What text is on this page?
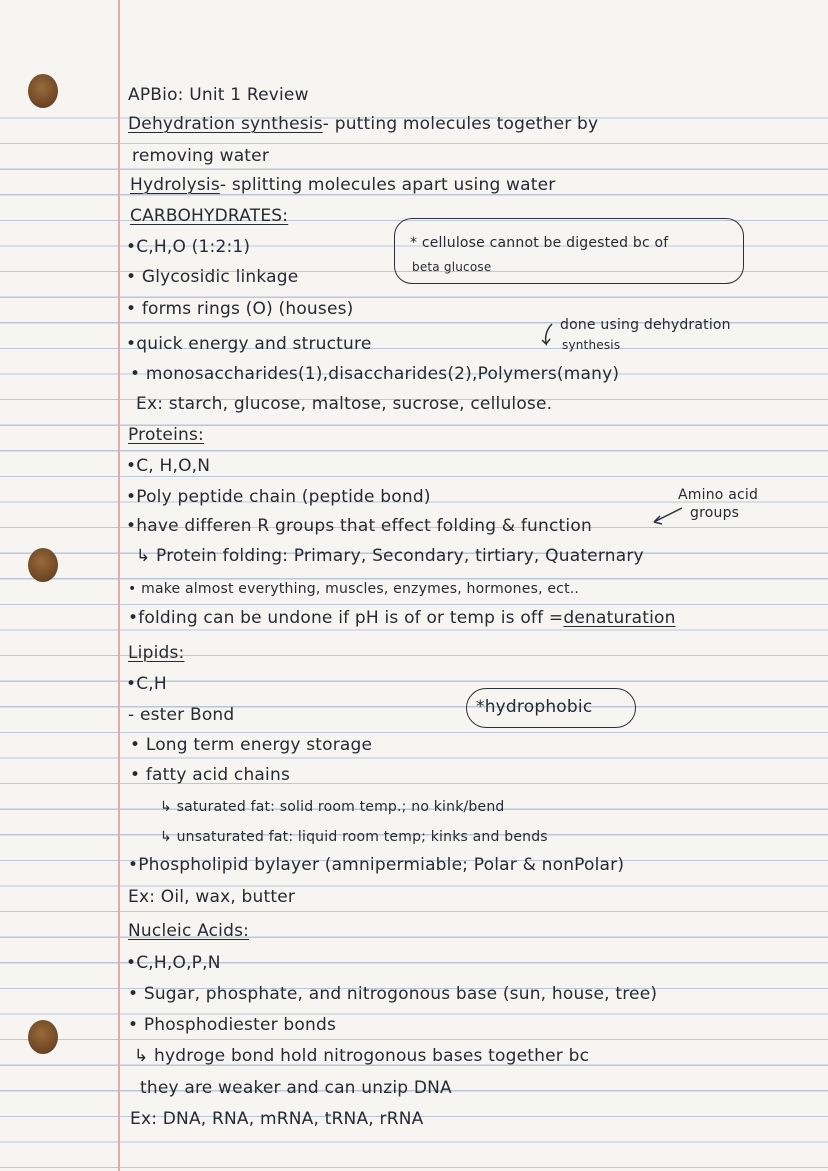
APBio: Unit 1 Review
Dehydration synthesis- putting molecules together by
removing water
Hydrolysis- splitting molecules apart using water
CARBOHYDRATES:
•C,H,O (1:2:1)
• Glycosidic linkage
• forms rings (O) (houses)
•quick energy and structure
• monosaccharides(1),disaccharides(2),Polymers(many)
Ex: starch, glucose, maltose, sucrose, cellulose.
* cellulose cannot be digested bc of
beta glucose
done using dehydration
synthesis
Proteins:
•C, H,O,N
•Poly peptide chain (peptide bond)
•have differen R groups that effect folding & function
↳ Protein folding: Primary, Secondary, tirtiary, Quaternary
• make almost everything, muscles, enzymes, hormones, ect..
•folding can be undone if pH is of or temp is off =denaturation
Amino acid
groups
Lipids:
•C,H
- ester Bond
• Long term energy storage
• fatty acid chains
↳ saturated fat: solid room temp.; no kink/bend
↳ unsaturated fat: liquid room temp; kinks and bends
•Phospholipid bylayer (amnipermiable; Polar & nonPolar)
Ex: Oil, wax, butter
*hydrophobic
Nucleic Acids:
•C,H,O,P,N
• Sugar, phosphate, and nitrogonous base (sun, house, tree)
• Phosphodiester bonds
↳ hydroge bond hold nitrogonous bases together bc
they are weaker and can unzip DNA
Ex: DNA, RNA, mRNA, tRNA, rRNA
